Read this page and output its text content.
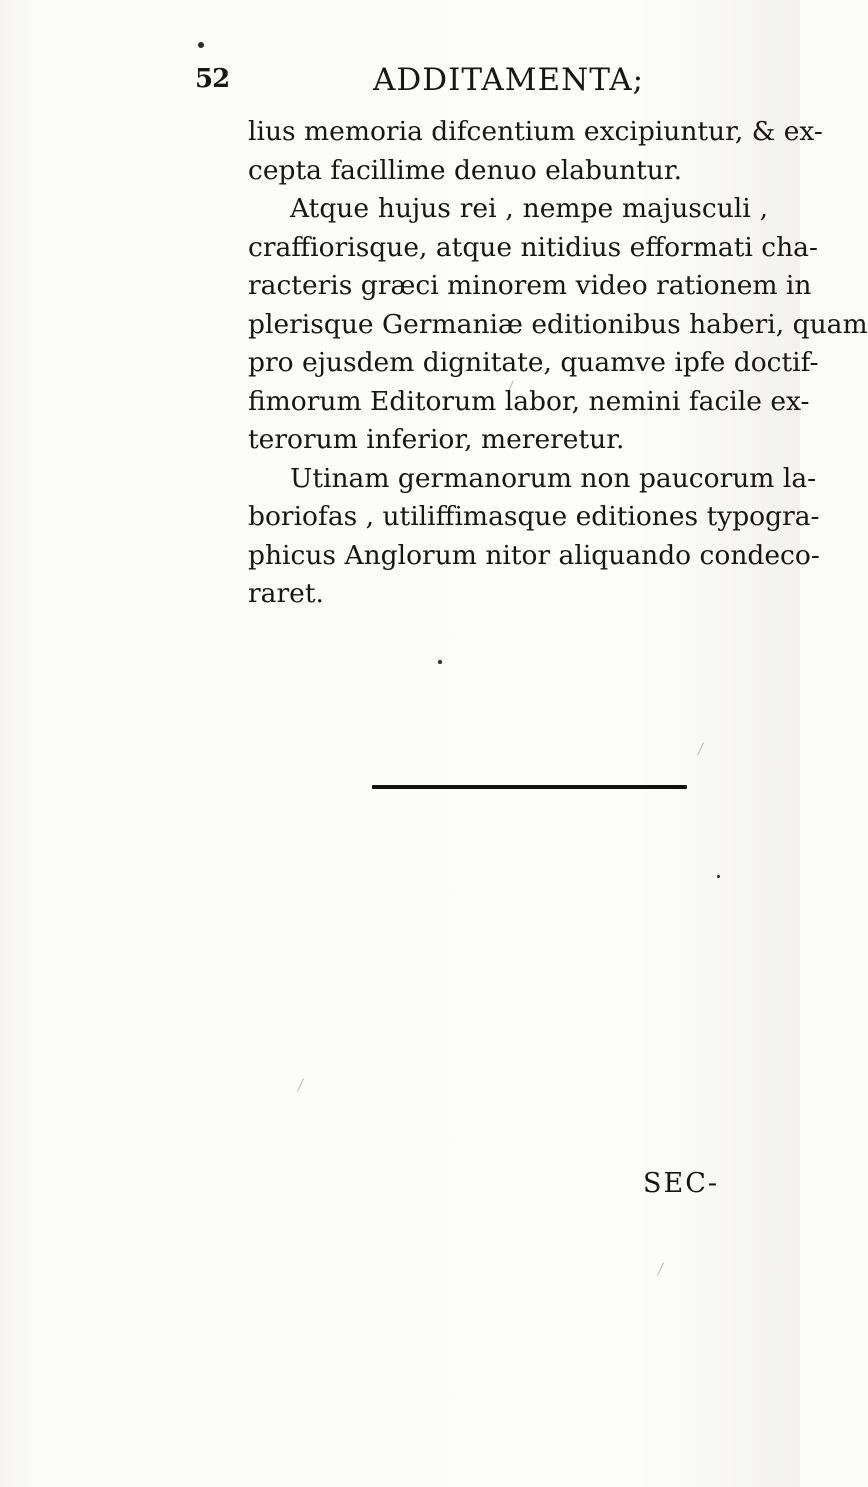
52	ADDITAMENTA;
lius memoria difcentium excipiuntur, & ex-
cepta facillime denuo elabuntur.
Atque hujus rei , nempe majusculi ,
craffiorisque, atque nitidius efformati cha-
racteris græci minorem video rationem in
plerisque Germaniæ editionibus haberi, quam
pro ejusdem dignitate, quamve ipfe doctif-
fimorum Editorum labor, nemini facile ex-
terorum inferior, mereretur.
Utinam germanorum non paucorum la-
boriofas , utiliffimasque editiones typogra-
phicus Anglorum nitor aliquando condeco-
raret.
SEC-
